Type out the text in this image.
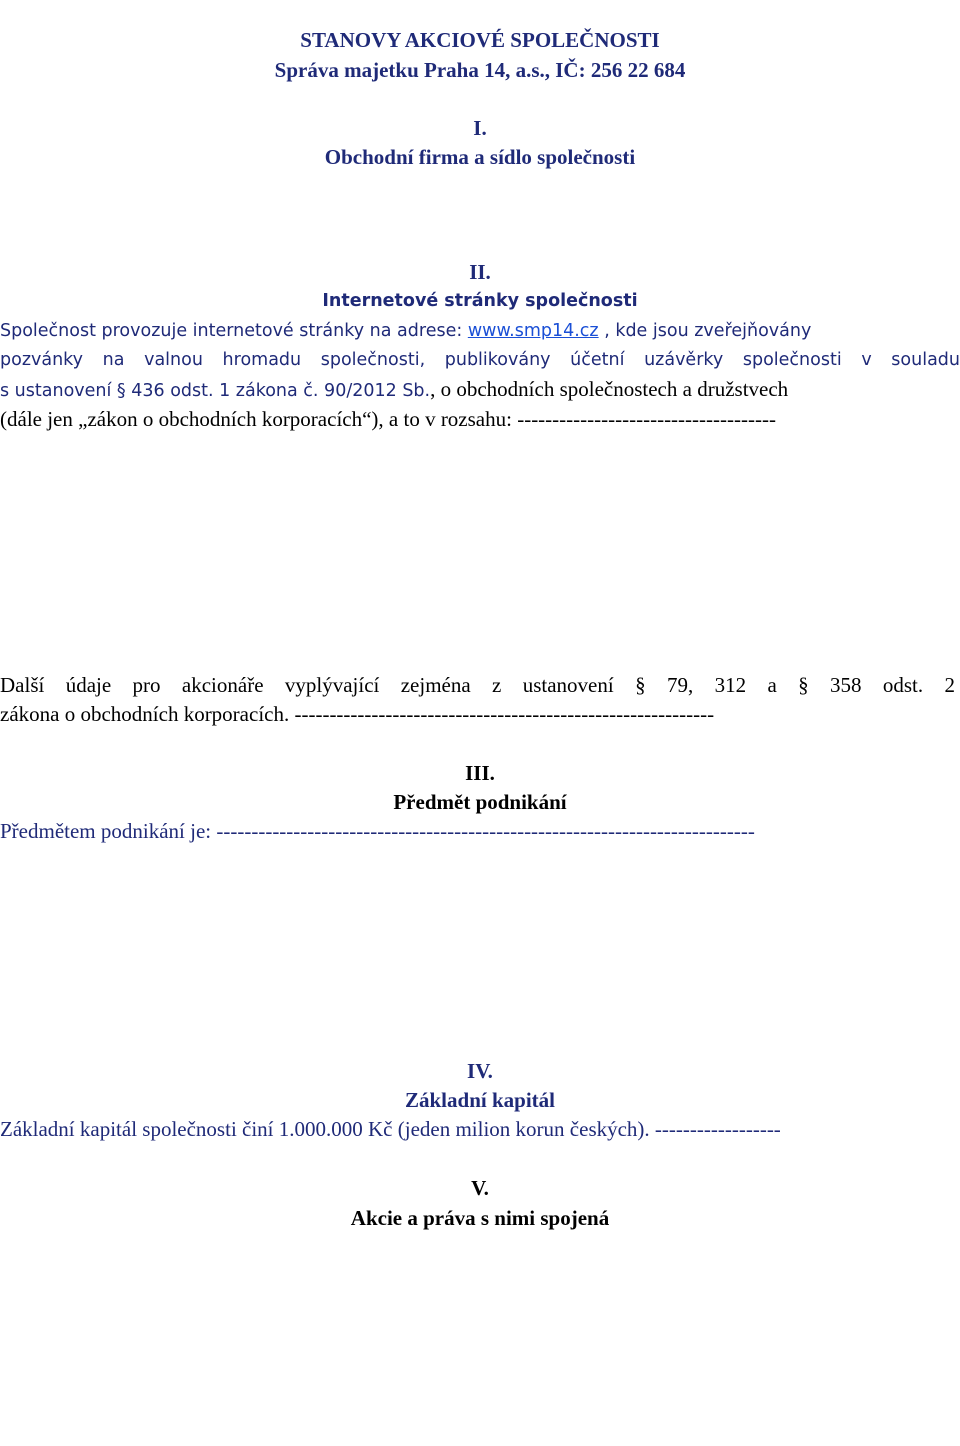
STANOVY AKCIOVÉ SPOLEČNOSTI
Správa majetku Praha 14, a.s., IČ: 256 22 684
I.
Obchodní firma a sídlo společnosti
II.
Internetové stránky společnosti
Společnost provozuje internetové stránky na adrese: www.smp14.cz , kde jsou zveřejňovány
pozvánky na valnou hromadu společnosti, publikovány účetní uzávěrky společnosti v souladu
s ustanovení § 436 odst. 1 zákona č. 90/2012 Sb., o obchodních společnostech a družstvech
(dále jen „zákon o obchodních korporacích“), a to v rozsahu: -------------------------------------
Další údaje pro akcionáře vyplývající zejména z ustanovení § 79, 312 a § 358 odst. 2
zákona o obchodních korporacích. ------------------------------------------------------------
III.
Předmět podnikání
Předmětem podnikání je: -----------------------------------------------------------------------------
IV.
Základní kapitál
Základní kapitál společnosti činí 1.000.000 Kč (jeden milion korun českých). ------------------
V.
Akcie a práva s nimi spojená
